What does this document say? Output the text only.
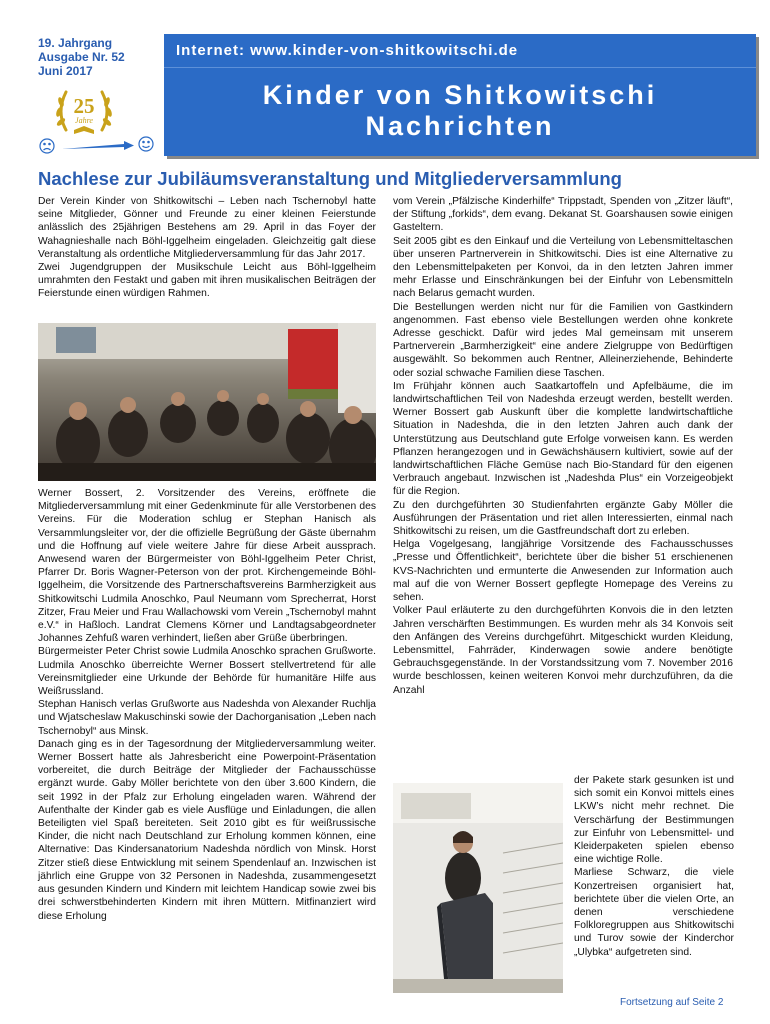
19. Jahrgang
Ausgabe Nr. 52
Juni 2017
25
Jahre
Internet: www.kinder-von-shitkowitschi.de
Kinder von Shitkowitschi
Nachrichten
Nachlese zur Jubiläumsveranstaltung und Mitgliederversammlung

Der Verein Kinder von Shitkowitschi – Leben nach Tschernobyl hatte seine Mitglieder, Gönner und Freunde zu einer kleinen Feierstunde anlässlich des 25jährigen Bestehens am 29. April in das Foyer der Wahagnieshalle nach Böhl-Iggelheim eingeladen. Gleichzeitig galt diese Veranstaltung als ordentliche Mitgliederversammlung für das Jahr 2017.

Zwei Jugendgruppen der Musikschule Leicht aus Böhl-Iggelheim umrahmten den Festakt und gaben mit ihren musikalischen Beiträgen der Feierstunde einen würdigen Rahmen.

Werner Bossert, 2. Vorsitzender des Vereins, eröffnete die Mitgliederversammlung mit einer Gedenkminute für alle Verstorbenen des Vereins. Für die Moderation schlug er Stephan Hanisch als Versammlungsleiter vor, der die offizielle Begrüßung der Gäste übernahm und die Hoffnung auf viele weitere Jahre für diese Arbeit aussprach. Anwesend waren der Bürgermeister von Böhl-Iggelheim Peter Christ, Pfarrer Dr. Boris Wagner-Peterson von der prot. Kirchengemeinde Böhl-Iggelheim, die Vorsitzende des Partnerschaftsvereins Barmherzigkeit aus Shitkowitschi Ludmila Anoschko, Paul Neumann vom Sprecherrat, Horst Zitzer, Frau Meier und Frau Wallachowski vom Verein „Tschernobyl mahnt e.V.“ in Haßloch. Landrat Clemens Körner und Landtagsabgeordneter Johannes Zehfuß waren verhindert, ließen aber Grüße überbringen.

Bürgermeister Peter Christ sowie Ludmila Anoschko sprachen Grußworte. Ludmila Anoschko überreichte Werner Bossert stellvertretend für alle Vereinsmitglieder eine Urkunde der Behörde für humanitäre Hilfe aus Weißrussland.

Stephan Hanisch verlas Grußworte aus Nadeshda von Alexander Ruchlja und Wjatscheslaw Makuschinski sowie der Dachorganisation „Leben nach Tschernobyl“ aus Minsk.

Danach ging es in der Tagesordnung der Mitgliederversammlung weiter. Werner Bossert hatte als Jahresbericht eine Powerpoint-Präsentation vorbereitet, die durch Beiträge der Mitglieder der Fachausschüsse ergänzt wurde. Gaby Möller berichtete von den über 3.600 Kindern, die seit 1992 in der Pfalz zur Erholung eingeladen waren. Während der Aufenthalte der Kinder gab es viele Ausflüge und Einladungen, die allen Beteiligten viel Spaß bereiteten. Seit 2010 gibt es für weißrussische Kinder, die nicht nach Deutschland zur Erholung kommen können, eine Alternative: Das Kindersanatorium Nadeshda nördlich von Minsk. Horst Zitzer stieß diese Entwicklung mit seinem Spendenlauf an. Inzwischen ist jährlich eine Gruppe von 32 Personen in Nadeshda, zusammengesetzt aus gesunden Kindern und Kindern mit leichtem Handicap sowie zwei bis drei schwerstbehinderten Kindern mit ihren Müttern. Mitfinanziert wird diese Erholung

vom Verein „Pfälzische Kinderhilfe“ Trippstadt, Spenden von „Zitzer läuft“, der Stiftung „forkids“, dem evang. Dekanat St. Goarshausen sowie einigen Gasteltern.

Seit 2005 gibt es den Einkauf und die Verteilung von Lebensmitteltaschen über unseren Partnerverein in Shitkowitschi. Dies ist eine Alternative zu den Lebensmittelpaketen per Konvoi, da in den letzten Jahren immer mehr Erlasse und Einschränkungen bei der Einfuhr von Lebensmitteln nach Belarus gemacht wurden.

Die Bestellungen werden nicht nur für die Familien von Gastkindern angenommen. Fast ebenso viele Bestellungen werden ohne konkrete Adresse geschickt. Dafür wird jedes Mal gemeinsam mit unserem Partnerverein „Barmherzigkeit“ eine andere Zielgruppe von Bedürftigen ausgewählt. So bekommen auch Rentner, Alleinerziehende, Behinderte oder sozial schwache Familien diese Taschen.

Im Frühjahr können auch Saatkartoffeln und Apfelbäume, die im landwirtschaftlichen Teil von Nadeshda erzeugt werden, bestellt werden. Werner Bossert gab Auskunft über die komplette landwirtschaftliche Situation in Nadeshda, die in den letzten Jahren auch dank der Unterstützung aus Deutschland gute Erfolge vorweisen kann. Es werden Pflanzen herangezogen und in Gewächshäusern kultiviert, sowie auf der landwirtschaftlichen Fläche Gemüse nach Bio-Standard für den eigenen Verbrauch angebaut. Inzwischen ist „Nadeshda Plus“ ein Vorzeigeobjekt für die Region.

Zu den durchgeführten 30 Studienfahrten ergänzte Gaby Möller die Ausführungen der Präsentation und riet allen Interessierten, einmal nach Shitkowitschi zu reisen, um die Gastfreundschaft dort zu erleben.

Helga Vogelgesang, langjährige Vorsitzende des Fachausschusses „Presse und Öffentlichkeit“, berichtete über die bisher 51 erschienenen KVS-Nachrichten und ermunterte die Anwesenden zur Information auch mal auf die von Werner Bossert gepflegte Homepage des Vereins zu sehen.

Volker Paul erläuterte zu den durchgeführten Konvois die in den letzten Jahren verschärften Bestimmungen. Es wurden mehr als 34 Konvois seit den Anfängen des Vereins durchgeführt. Mitgeschickt wurden Kleidung, Lebensmittel, Fahrräder, Kinderwagen sowie andere benötigte Gebrauchsgegenstände. In der Vorstandssitzung vom 7. November 2016 wurde beschlossen, keinen weiteren Konvoi mehr durchzuführen, da die Anzahl

der Pakete stark gesunken ist und sich somit ein Konvoi mittels eines LKW’s nicht mehr rechnet. Die Verschärfung der Bestimmungen zur Einfuhr von Lebensmittel- und Kleiderpaketen spielen ebenso eine wichtige Rolle.

Marliese Schwarz, die viele Konzertreisen organisiert hat, berichtete über die vielen Orte, an denen verschiedene Folkloregruppen aus Shitkowitschi und Turov sowie der Kinderchor „Ulybka“ aufgetreten sind.

Fortsetzung auf Seite 2
